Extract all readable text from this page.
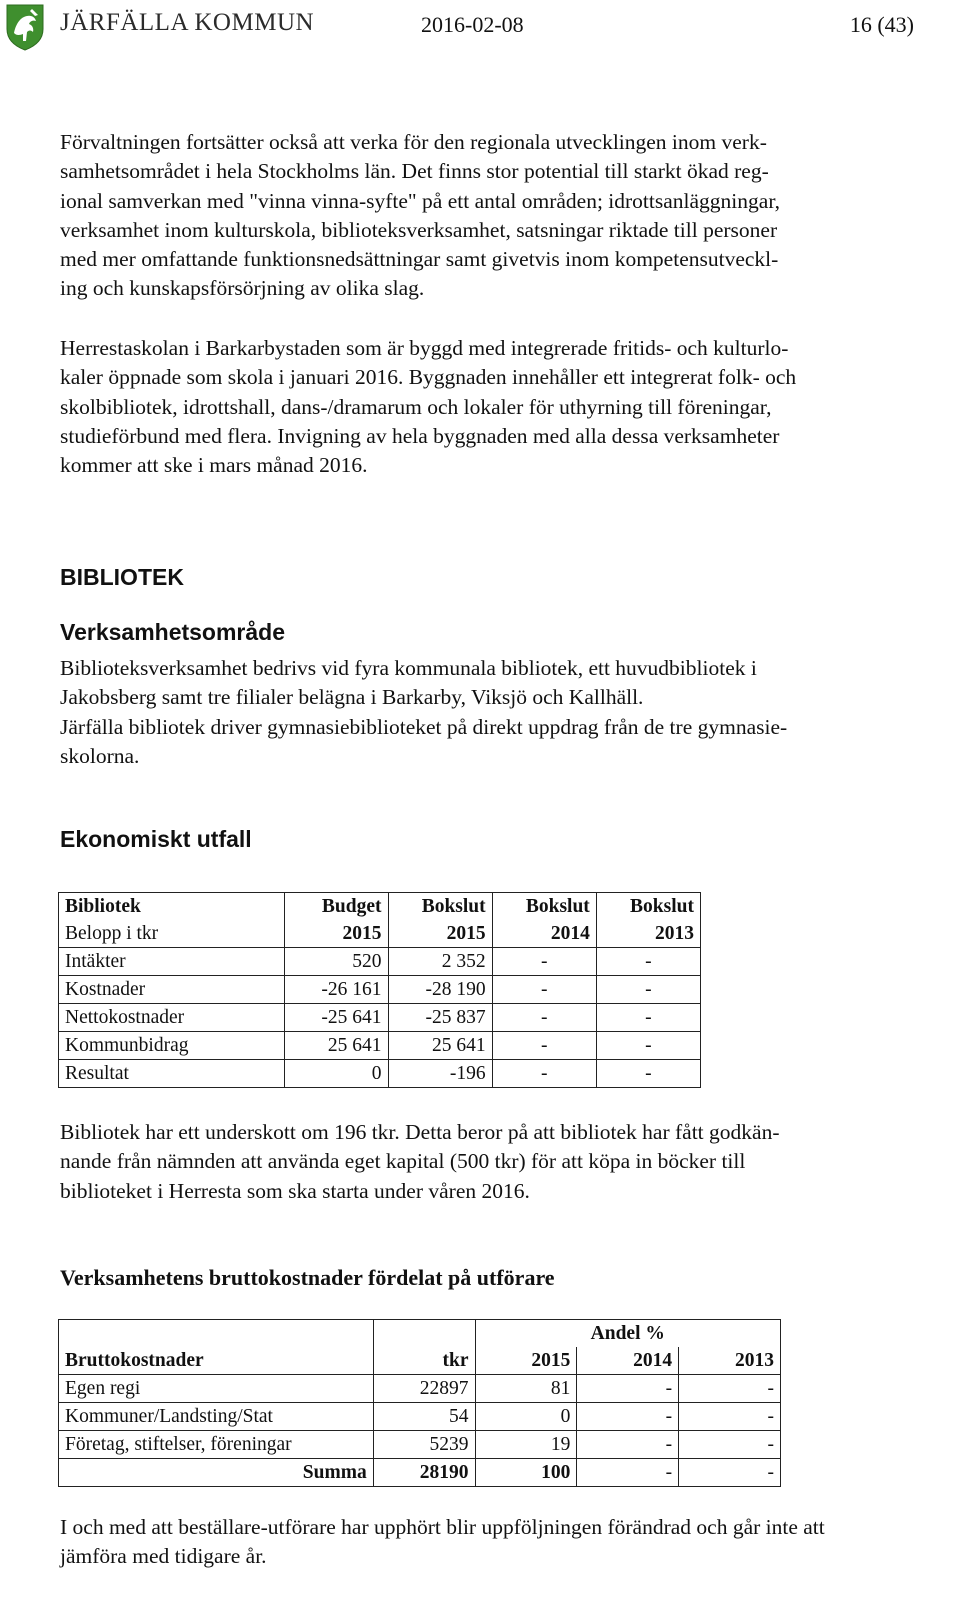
JÄRFÄLLA KOMMUN	2016-02-08	16 (43)
Förvaltningen fortsätter också att verka för den regionala utvecklingen inom verk-
samhetsområdet i hela Stockholms län. Det finns stor potential till starkt ökad reg-
ional samverkan med "vinna vinna-syfte" på ett antal områden; idrottsanläggningar,
verksamhet inom kulturskola, biblioteksverksamhet, satsningar riktade till personer
med mer omfattande funktionsnedsättningar samt givetvis inom kompetensutveckl-
ing och kunskapsförsörjning av olika slag.
Herrestaskolan i Barkarbystaden som är byggd med integrerade fritids- och kulturlo-
kaler öppnade som skola i januari 2016. Byggnaden innehåller ett integrerat folk- och
skolbibliotek, idrottshall, dans-/dramarum och lokaler för uthyrning till föreningar,
studieförbund med flera. Invigning av hela byggnaden med alla dessa verksamheter
kommer att ske i mars månad 2016.
BIBLIOTEK
Verksamhetsområde
Biblioteksverksamhet bedrivs vid fyra kommunala bibliotek, ett huvudbibliotek i
Jakobsberg samt tre filialer belägna i Barkarby, Viksjö och Kallhäll.
Järfälla bibliotek driver gymnasiebiblioteket på direkt uppdrag från de tre gymnasie-
skolorna.
Ekonomiskt utfall
Bibliotek	Budget	Bokslut	Bokslut	Bokslut
Belopp i tkr	2015	2015	2014	2013
Intäkter	520	2 352	-	-
Kostnader	-26 161	-28 190	-	-
Nettokostnader	-25 641	-25 837	-	-
Kommunbidrag	25 641	25 641	-	-
Resultat	0	-196	-	-
Bibliotek har ett underskott om 196 tkr. Detta beror på att bibliotek har fått godkän-
nande från nämnden att använda eget kapital (500 tkr) för att köpa in böcker till
biblioteket i Herresta som ska starta under våren 2016.
Verksamhetens bruttokostnader fördelat på utförare
		Andel %		
Bruttokostnader	tkr	2015	2014	2013
Egen regi	22897	81	-	-
Kommuner/Landsting/Stat	54	0	-	-
Företag, stiftelser, föreningar	5239	19	-	-
Summa	28190	100	-	-
I och med att beställare-utförare har upphört blir uppföljningen förändrad och går inte att
jämföra med tidigare år.
